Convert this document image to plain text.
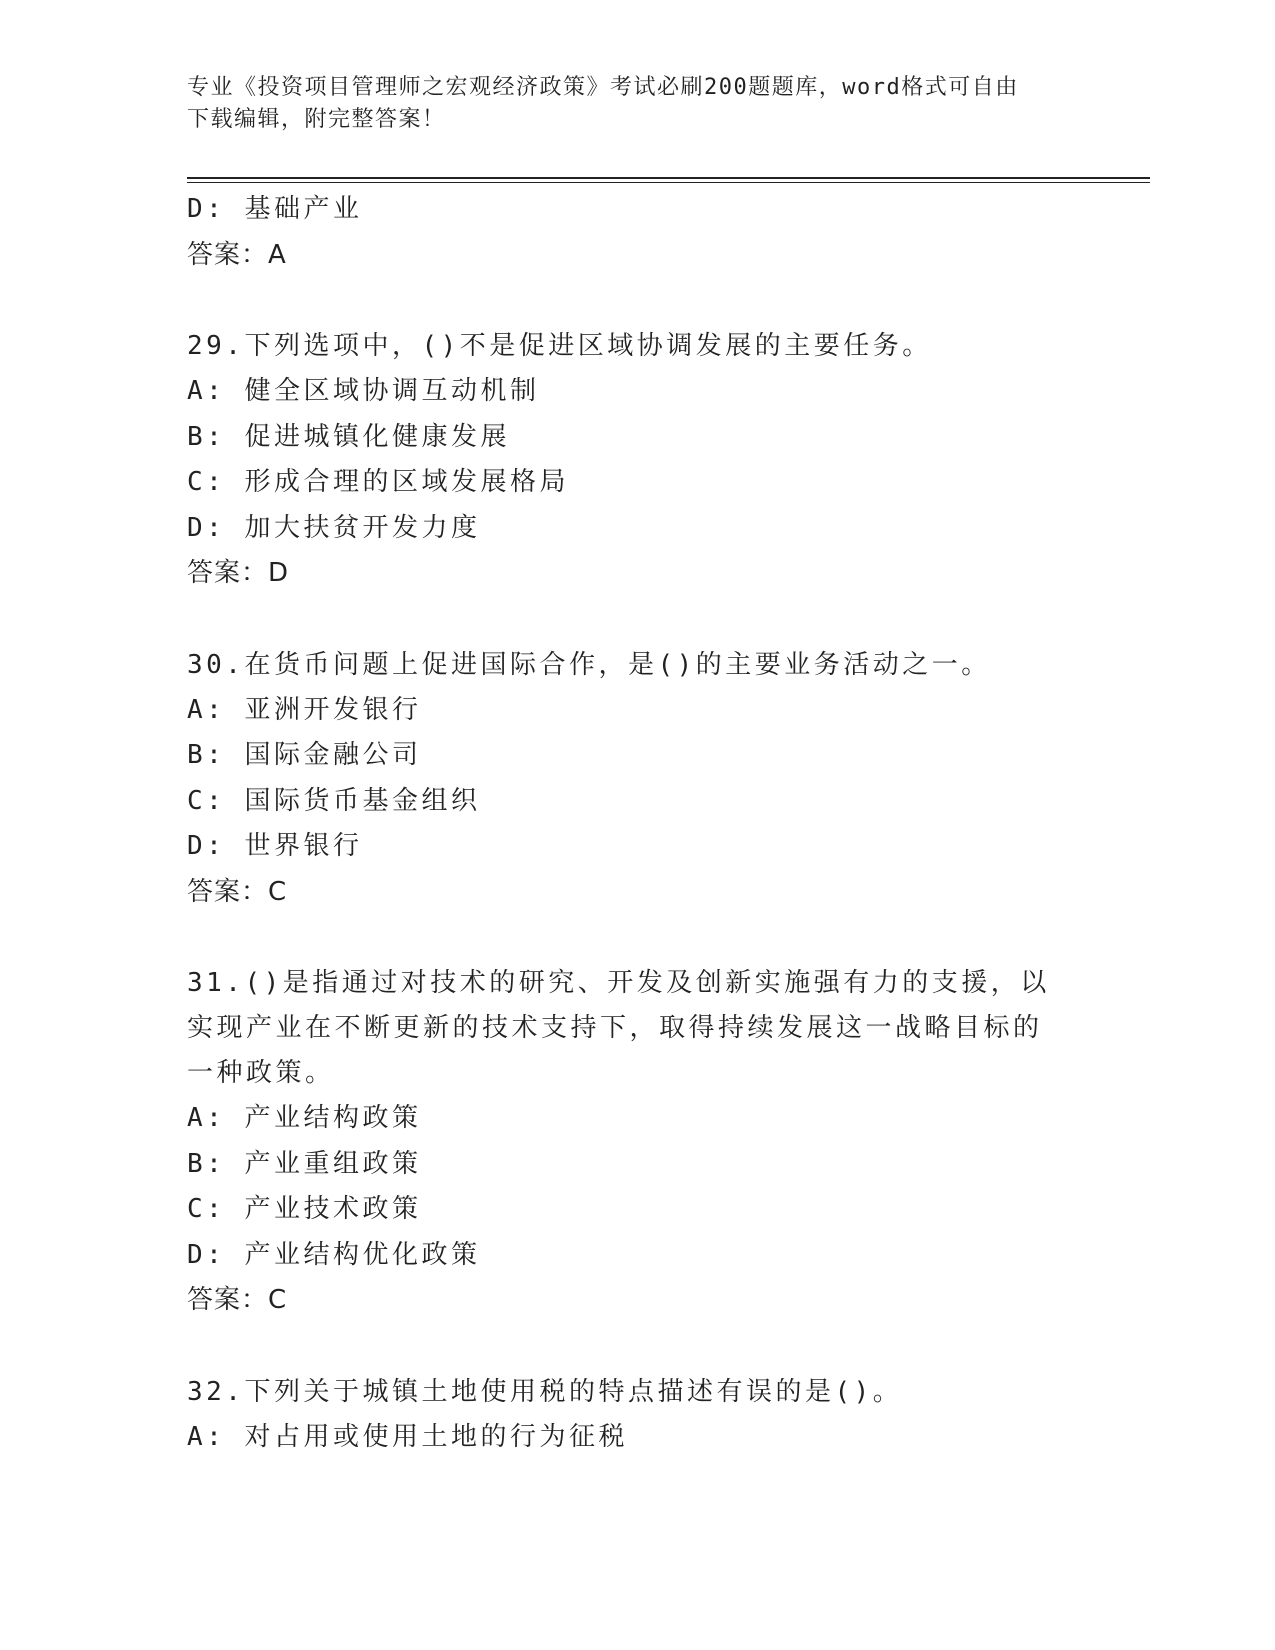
专业《投资项目管理师之宏观经济政策》考试必刷200题题库，word格式可自由
下载编辑，附完整答案！
D: 基础产业
答案：A
29.下列选项中，()不是促进区域协调发展的主要任务。
A: 健全区域协调互动机制
B: 促进城镇化健康发展
C: 形成合理的区域发展格局
D: 加大扶贫开发力度
答案：D
30.在货币问题上促进国际合作，是()的主要业务活动之一。
A: 亚洲开发银行
B: 国际金融公司
C: 国际货币基金组织
D: 世界银行
答案：C
31.()是指通过对技术的研究、开发及创新实施强有力的支援，以实现产业在不断更新的技术支持下，取得持续发展这一战略目标的一种政策。
A: 产业结构政策
B: 产业重组政策
C: 产业技术政策
D: 产业结构优化政策
答案：C
32.下列关于城镇土地使用税的特点描述有误的是()。
A: 对占用或使用土地的行为征税
